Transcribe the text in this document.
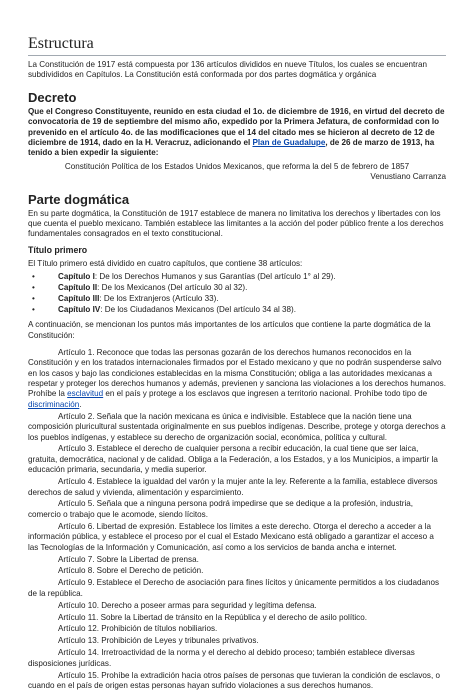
Estructura

La Constitución de 1917 está compuesta por 136 artículos divididos en nueve Títulos, los cuales se encuentran subdivididos en Capítulos. La Constitución está conformada por dos partes dogmática y orgánica

Decreto

Que el Congreso Constituyente, reunido en esta ciudad el 1o. de diciembre de 1916, en virtud del decreto de convocatoria de 19 de septiembre del mismo año, expedido por la Primera Jefatura, de conformidad con lo prevenido en el artículo 4o. de las modificaciones que el 14 del citado mes se hicieron al decreto de 12 de diciembre de 1914, dado en la H. Veracruz, adicionando el Plan de Guadalupe, de 26 de marzo de 1913, ha tenido a bien expedir la siguiente:

Constitución Política de los Estados Unidos Mexicanos, que reforma la del 5 de febrero de 1857

Venustiano Carranza

Parte dogmática

En su parte dogmática, la Constitución de 1917 establece de manera no limitativa los derechos y libertades con los que cuenta el pueblo mexicano. También establece las limitantes a la acción del poder público frente a los derechos fundamentales consagrados en el texto constitucional.

Título primero

El Título primero está dividido en cuatro capítulos, que contiene 38 artículos:

•	Capítulo I: De los Derechos Humanos y sus Garantías (Del artículo 1° al 29).
•	Capítulo II: De los Mexicanos (Del artículo 30 al 32).
•	Capítulo III: De los Extranjeros (Artículo 33).
•	Capítulo IV: De los Ciudadanos Mexicanos (Del artículo 34 al 38).

A continuación, se mencionan los puntos más importantes de los artículos que contiene la parte dogmática de la Constitución:

Artículo 1. Reconoce que todas las personas gozarán de los derechos humanos reconocidos en la Constitución y en los tratados internacionales firmados por el Estado mexicano y que no podrán suspenderse salvo en los casos y bajo las condiciones establecidas en la misma Constitución; obliga a las autoridades mexicanas a respetar y proteger los derechos humanos y además, previenen y sanciona las violaciones a los derechos humanos. Prohíbe la esclavitud en el país y protege a los esclavos que ingresen a territorio nacional. Prohíbe todo tipo de discriminación.

Artículo 2. Señala que la nación mexicana es única e indivisible. Establece que la nación tiene una composición pluricultural sustentada originalmente en sus pueblos indígenas. Describe, protege y otorga derechos a los pueblos indígenas, y establece su derecho de organización social, económica, política y cultural.

Artículo 3. Establece el derecho de cualquier persona a recibir educación, la cual tiene que ser laica, gratuita, democrática, nacional y de calidad. Obliga a la Federación, a los Estados, y a los Municipios, a impartir la educación primaria, secundaria, y media superior.

Artículo 4. Establece la igualdad del varón y la mujer ante la ley. Referente a la familia, establece diversos derechos de salud y vivienda, alimentación y esparcimiento.

Artículo 5. Señala que a ninguna persona podrá impedirse que se dedique a la profesión, industria, comercio o trabajo que le acomode, siendo lícitos.

Artículo 6. Libertad de expresión. Establece los límites a este derecho. Otorga el derecho a acceder a la información pública, y establece el proceso por el cual el Estado Mexicano está obligado a garantizar el acceso a las Tecnologías de la Información y Comunicación, así como a los servicios de banda ancha e internet.

Artículo 7. Sobre la Libertad de prensa.

Artículo 8. Sobre el Derecho de petición.

Artículo 9. Establece el Derecho de asociación para fines lícitos y únicamente permitidos a los ciudadanos de la república.

Artículo 10. Derecho a poseer armas para seguridad y legítima defensa.

Artículo 11. Sobre la Libertad de tránsito en la República y el derecho de asilo político.

Artículo 12. Prohibición de títulos nobiliarios.

Artículo 13. Prohibición de Leyes y tribunales privativos.

Artículo 14. Irretroactividad de la norma y el derecho al debido proceso; también establece diversas disposiciones jurídicas.

Artículo 15. Prohíbe la extradición hacia otros países de personas que tuvieran la condición de esclavos, o cuando en el país de origen estas personas hayan sufrido violaciones a sus derechos humanos.
